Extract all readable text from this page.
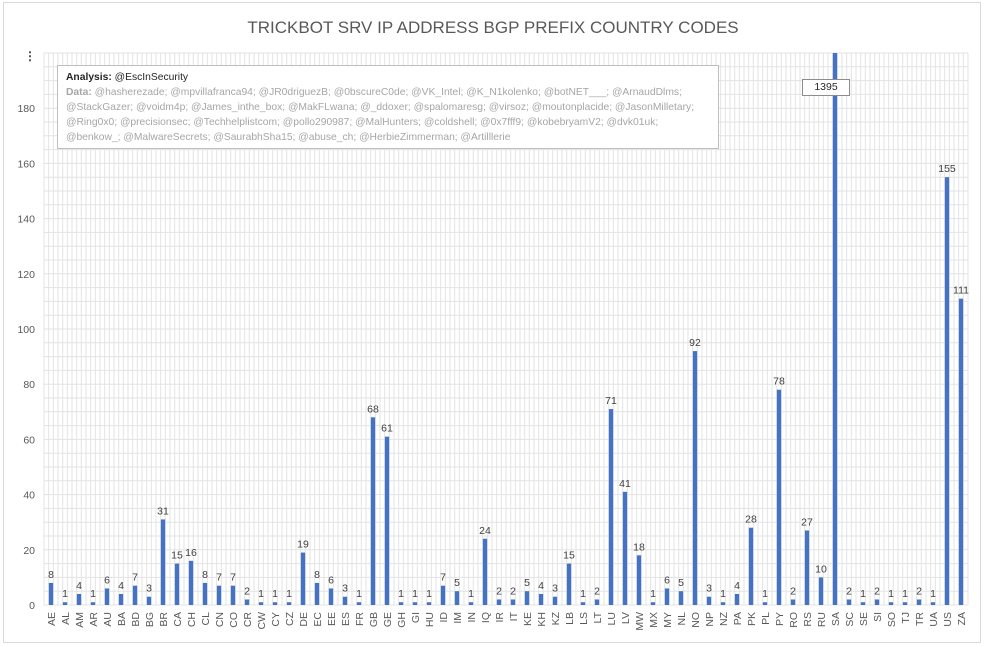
TRICKBOT SRV IP ADDRESS BGP PREFIX COUNTRY CODES
0
20
40
60
80
100
120
140
160
180
8
1
4
1
6 4
7
3
31
15 16
8 7 7
2 1 1 1
19
8 6
3 1
68
61
1 1 1
7 5
1
24
2 2
5 4 3
15
1 2
71
41
18
1
6 5
92
3 1
4
28
1
78
2
27
10
2 1 2 1 1 2 1
155
111
AE AL AM AR AU BA BD BG BR CA CH CL CN CO CR CW CY CZ DE EC EE ES FR GB GE GH GI HU ID IM IN IQ IR IT KE KH KZ LB LS LT LU LV MW MX MY NL NO NP NZ PA PK PL PY RO RS RU SA SC SE SI SO TJ TR UA US ZA
⋮
Analysis: @EscInSecurity
Data: @hasherezade; @mpvillafranca94; @JR0driguezB; @0bscureC0de; @VK_Intel; @K_N1kolenko; @botNET___; @ArnaudDlms; @StackGazer; @voidm4p; @James_inthe_box; @MakFLwana; @_ddoxer; @spalomaresg; @virsoz; @moutonplacide; @JasonMilletary; @Ring0x0; @precisionsec; @Techhelplistcom; @pollo290987; @MalHunters; @coldshell; @0x7fff9; @kobebryamV2; @dvk01uk; @benkow_; @MalwareSecrets; @SaurabhSha15; @abuse_ch; @HerbieZimmerman; @Artilllerie
1395
